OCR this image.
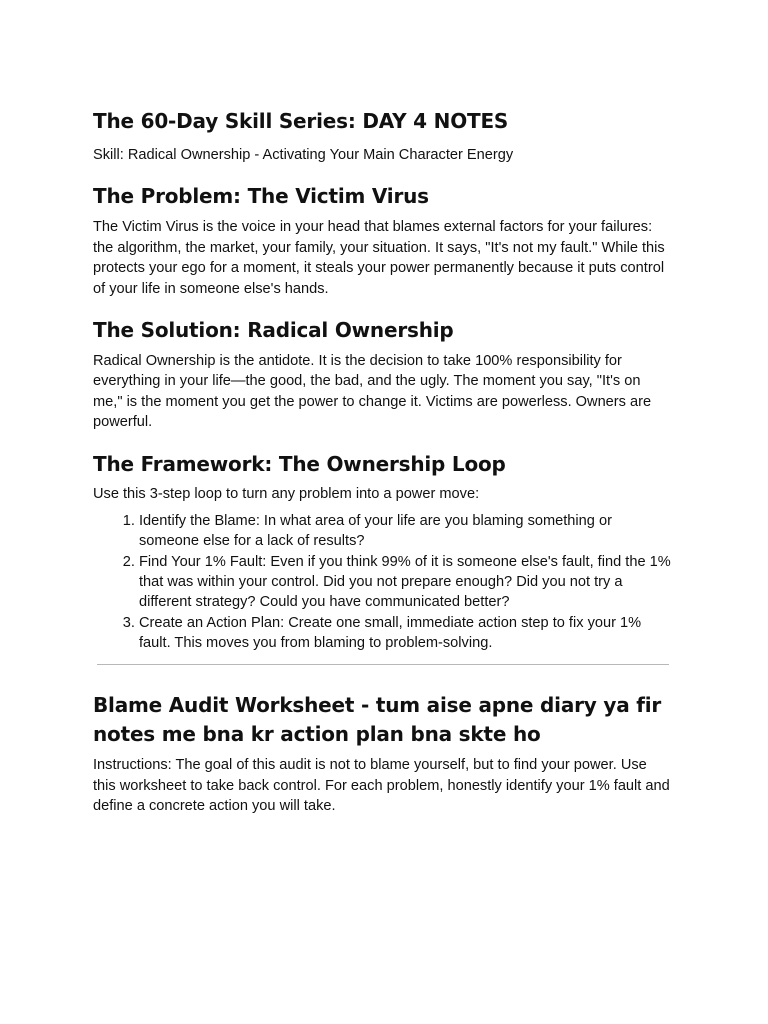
The 60-Day Skill Series: DAY 4 NOTES

Skill: Radical Ownership - Activating Your Main Character Energy

The Problem: The Victim Virus

The Victim Virus is the voice in your head that blames external factors for your failures: the algorithm, the market, your family, your situation. It says, "It's not my fault." While this protects your ego for a moment, it steals your power permanently because it puts control of your life in someone else's hands.

The Solution: Radical Ownership

Radical Ownership is the antidote. It is the decision to take 100% responsibility for everything in your life—the good, the bad, and the ugly. The moment you say, "It's on me," is the moment you get the power to change it. Victims are powerless. Owners are powerful.

The Framework: The Ownership Loop

Use this 3-step loop to turn any problem into a power move:

1. Identify the Blame: In what area of your life are you blaming something or someone else for a lack of results?
2. Find Your 1% Fault: Even if you think 99% of it is someone else's fault, find the 1% that was within your control. Did you not prepare enough? Did you not try a different strategy? Could you have communicated better?
3. Create an Action Plan: Create one small, immediate action step to fix your 1% fault. This moves you from blaming to problem-solving.
Blame Audit Worksheet - tum aise apne diary ya fir notes me bna kr action plan bna skte ho

Instructions: The goal of this audit is not to blame yourself, but to find your power. Use this worksheet to take back control. For each problem, honestly identify your 1% fault and define a concrete action you will take.
